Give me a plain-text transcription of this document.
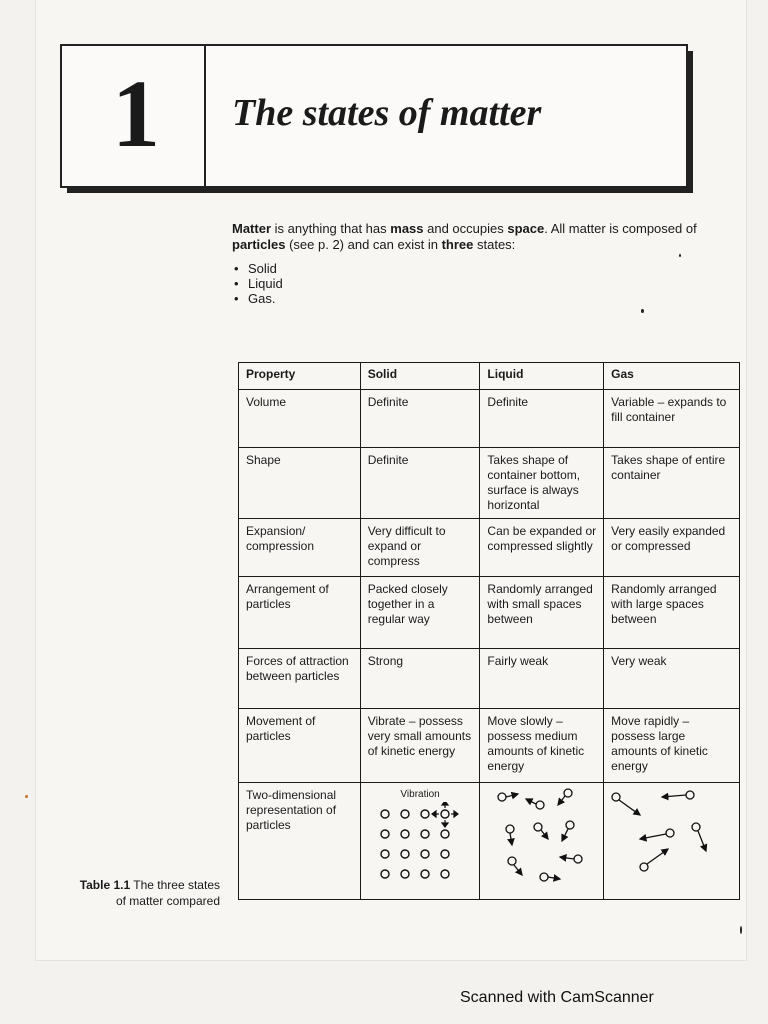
1 The states of matter

Matter is anything that has mass and occupies space. All matter is composed of particles (see p. 2) and can exist in three states:

• Solid
• Liquid
• Gas.
Property	Solid	Liquid	Gas
Volume	Definite	Definite	Variable – expands to fill container
Shape	Definite	Takes shape of container bottom, surface is always horizontal	Takes shape of entire container
Expansion/ compression	Very difficult to expand or compress	Can be expanded or compressed slightly	Very easily expanded or compressed
Arrangement of particles	Packed closely together in a regular way	Randomly arranged with small spaces between	Randomly arranged with large spaces between
Forces of attraction between particles	Strong	Fairly weak	Very weak
Movement of particles	Vibrate – possess very small amounts of kinetic energy	Move slowly – possess medium amounts of kinetic energy	Move rapidly – possess large amounts of kinetic energy
Two-dimensional representation of particles	Vibration

Table 1.1 The three states of matter compared
Scanned with CamScanner
